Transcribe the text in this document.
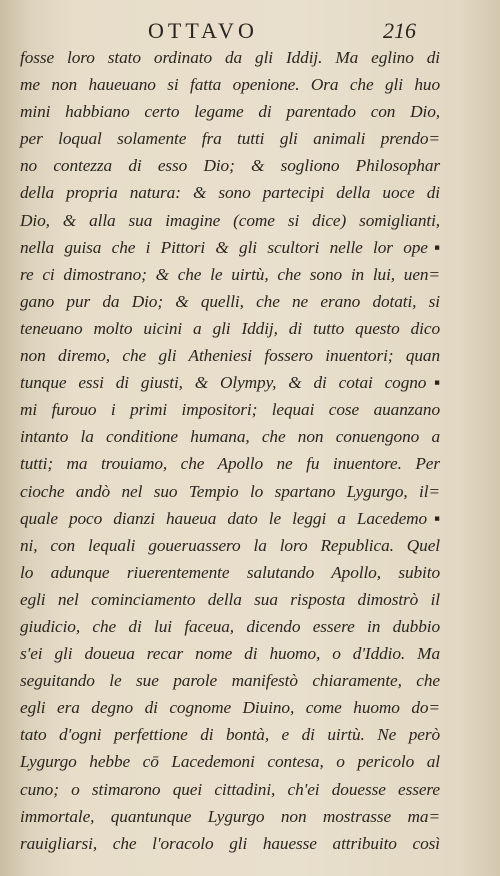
OTTAVO	216
fosse loro stato ordinato da gli Iddij. Ma eglino di
me non haueuano si fatta openione. Ora che gli huo
mini habbiano certo legame di parentado con Dio,
per loqual solamente fra tutti gli animali prendo=
no contezza di esso Dio; & sogliono Philosophar
della propria natura: & sono partecipi della uoce di
Dio, & alla sua imagine (come si dice) somiglianti,
nella guisa che i Pittori & gli scultori nelle lor ope▪
re ci dimostrano; & che le uirtù, che sono in lui, uen=
gano pur da Dio; & quelli, che ne erano dotati, si
teneuano molto uicini a gli Iddij, di tutto questo dico
non diremo, che gli Atheniesi fossero inuentori; quan
tunque essi di giusti, & Olympy, & di cotai cogno▪
mi furouo i primi impositori; lequai cose auanzano
intanto la conditione humana, che non conuengono a
tutti; ma trouiamo, che Apollo ne fu inuentore. Per
cioche andò nel suo Tempio lo spartano Lygurgo, il=
quale poco dianzi haueua dato le leggi a Lacedemo▪
ni, con lequali goueruassero la loro Republica. Quel
lo adunque riuerentemente salutando Apollo, subito
egli nel cominciamento della sua risposta dimostrò il
giudicio, che di lui faceua, dicendo essere in dubbio
s'ei gli doueua recar nome di huomo, o d'Iddio. Ma
seguitando le sue parole manifestò chiaramente, che
egli era degno di cognome Diuino, come huomo do=
tato d'ogni perfettione di bontà, e di uirtù. Ne però
Lygurgo hebbe cō Lacedemoni contesa, o pericolo al
cuno; o stimarono quei cittadini, ch'ei douesse essere
immortale, quantunque Lygurgo non mostrasse ma=
rauigliarsi, che l'oracolo gli hauesse attribuito così
